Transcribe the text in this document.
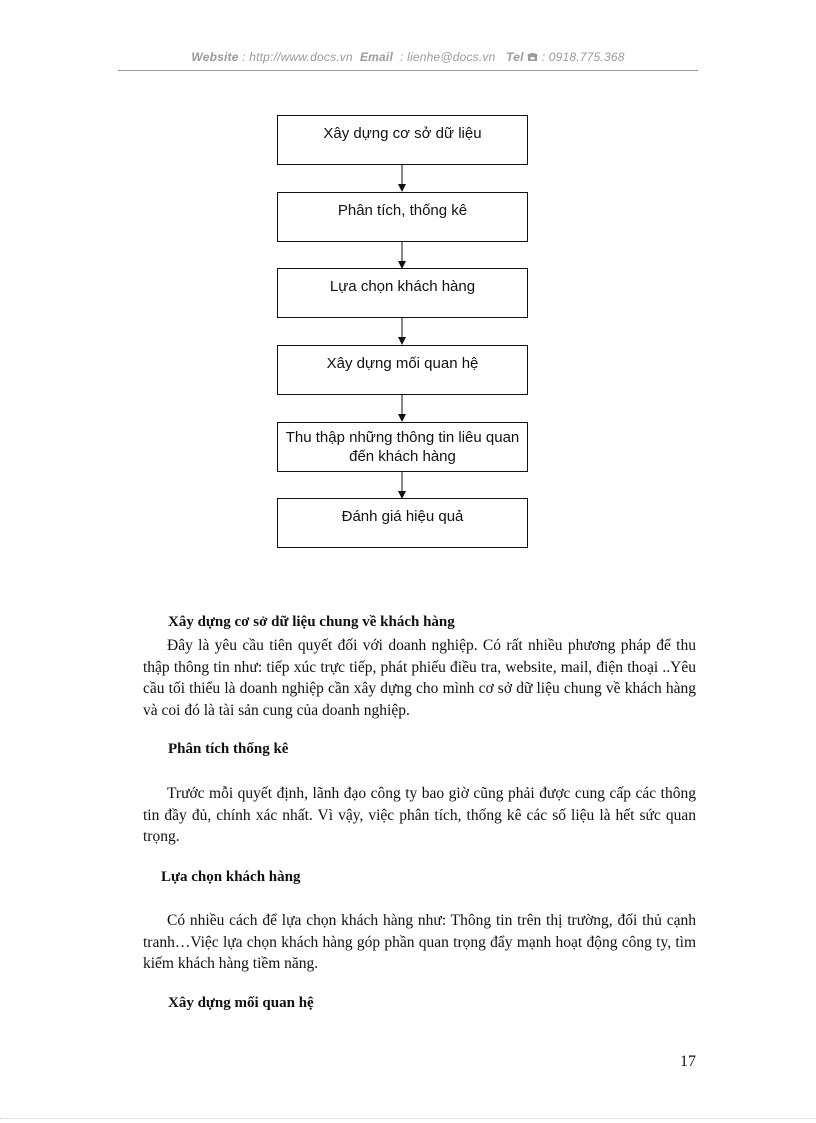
Website : http://www.docs.vn Email : lienhe@docs.vn Tel : 0918.775.368
Xây dựng cơ sở dữ liệu
Phân tích, thống kê
Lựa chọn khách hàng
Xây dựng mối quan hệ
Thu thập những thông tin liêu quan đến khách hàng
Đánh giá hiệu quả
Xây dựng cơ sở dữ liệu chung về khách hàng
Đây là yêu cầu tiên quyết đối với doanh nghiệp. Có rất nhiều phương pháp để thu thập thông tin như: tiếp xúc trực tiếp, phát phiếu điều tra, website, mail, điện thoại ..Yêu cầu tối thiểu là doanh nghiệp cần xây dựng cho mình cơ sở dữ liệu chung về khách hàng và coi đó là tài sản cung của doanh nghiệp.
Phân tích thống kê
Trước mỗi quyết định, lãnh đạo công ty bao giờ cũng phải được cung cấp các thông tin đầy đủ, chính xác nhất. Vì vậy, việc phân tích, thống kê các số liệu là hết sức quan trọng.
Lựa chọn khách hàng
Có nhiều cách để lựa chọn khách hàng như: Thông tin trên thị trường, đối thủ cạnh tranh…Việc lựa chọn khách hàng góp phần quan trọng đẩy mạnh hoạt động công ty, tìm kiếm khách hàng tiềm năng.
Xây dựng mối quan hệ
17
